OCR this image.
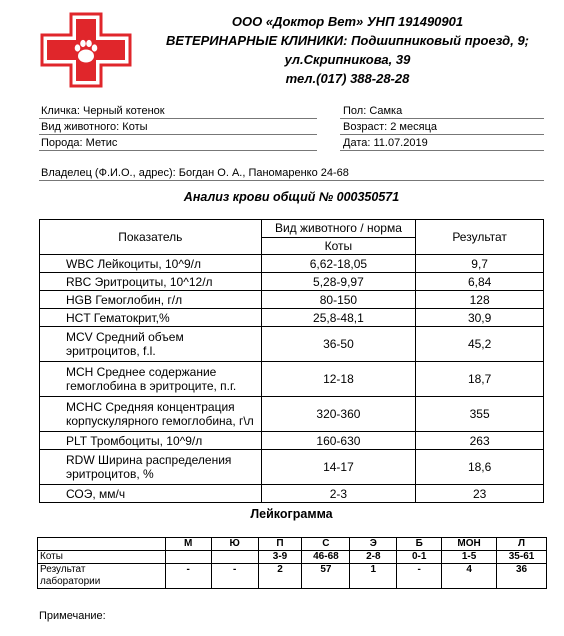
ООО «Доктор Вет» УНП 191490901
ВЕТЕРИНАРНЫЕ КЛИНИКИ: Подшипниковый проезд, 9;
ул.Скрипникова, 39
тел.(017) 388-28-28
Кличка: Черный котенок	Пол: Самка
Вид животного: Коты	Возраст: 2 месяца
Порода: Метис	Дата: 11.07.2019
Владелец (Ф.И.О., адрес): Богдан О. А., Паномаренко 24-68
Анализ крови общий № 000350571
Показатель	Вид животного / норма	Результат
	Коты	

WBC Лейкоциты, 10^9/л	6,62-18,05	9,7

RBC Эритроциты, 10^12/л	5,28-9,97	6,84

HGB Гемоглобин, г/л	80-150	128

HCT Гематокрит,%	25,8-48,1	30,9

MCV Средний объем
эритроцитов, f.l.	36-50	45,2

MCH Среднее содержание
гемоглобина в эритроците, п.г.	12-18	18,7

MCHC Средняя концентрация
корпускулярного гемоглобина, г\л	320-360	355

PLT Тромбоциты, 10^9/л	160-630	263

RDW Ширина распределения
эритроцитов, %	14-17	18,6

СОЭ, мм/ч	2-3	23
Лейкограмма
	М	Ю	П	С	Э	Б	МОН	Л
Коты			3-9	46-68	2-8	0-1	1-5	35-61

Результат
лаборатории	-	-	2	57	1	-	4	36
Примечание:
